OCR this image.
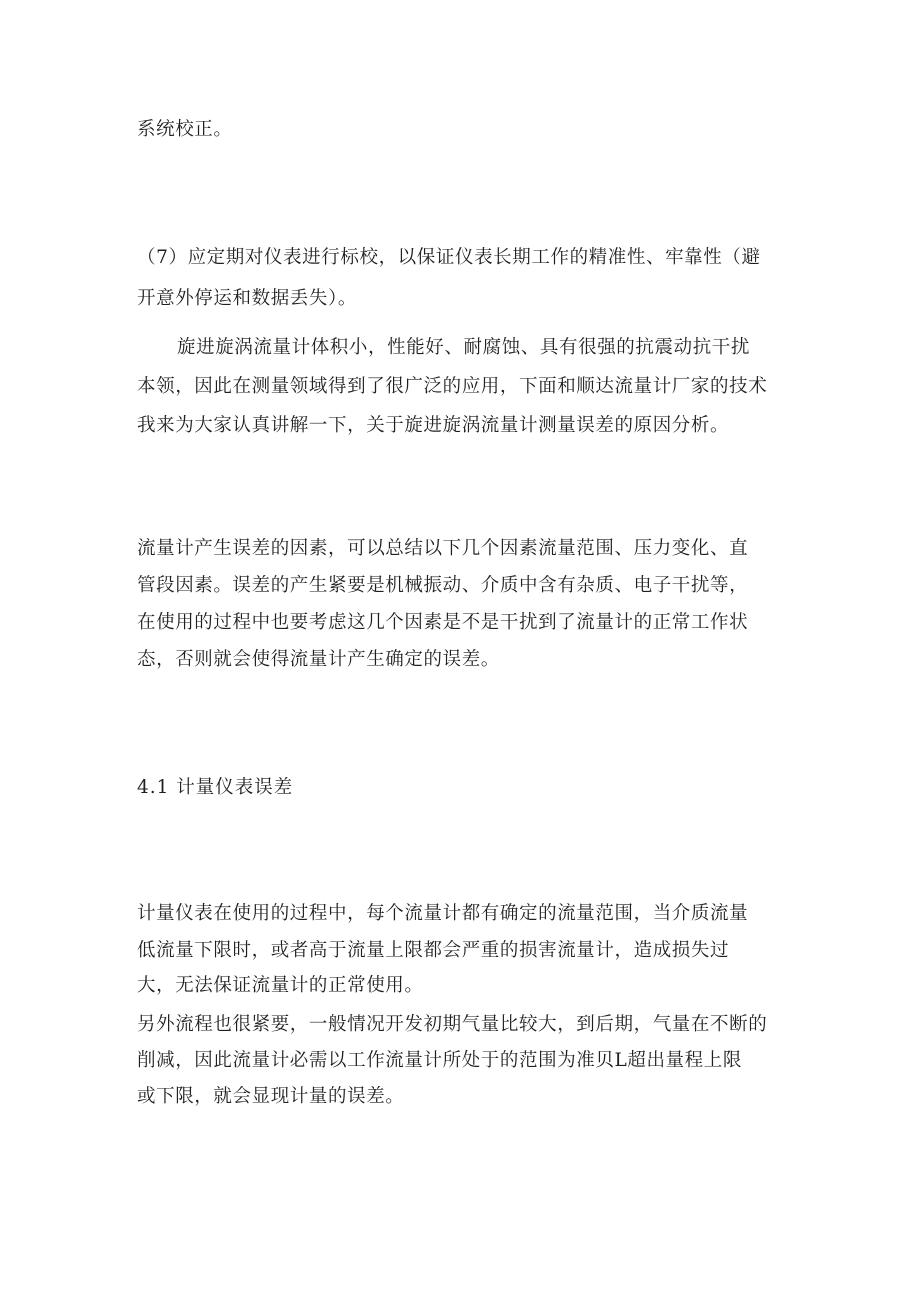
系统校正。
（7）应定期对仪表进行标校，以保证仪表长期工作的精准性、牢靠性（避
开意外停运和数据丢失）。
旋进旋涡流量计体积小，性能好、耐腐蚀、具有很强的抗震动抗干扰
本领，因此在测量领域得到了很广泛的应用，下面和顺达流量计厂家的技术
我来为大家认真讲解一下，关于旋进旋涡流量计测量误差的原因分析。
流量计产生误差的因素，可以总结以下几个因素流量范围、压力变化、直
管段因素。误差的产生紧要是机械振动、介质中含有杂质、电子干扰等，
在使用的过程中也要考虑这几个因素是不是干扰到了流量计的正常工作状
态，否则就会使得流量计产生确定的误差。
4.1 计量仪表误差
计量仪表在使用的过程中，每个流量计都有确定的流量范围，当介质流量
低流量下限时，或者高于流量上限都会严重的损害流量计，造成损失过
大，无法保证流量计的正常使用。
另外流程也很紧要，一般情况开发初期气量比较大，到后期，气量在不断的
削减，因此流量计必需以工作流量计所处于的范围为准贝L超出量程上限
或下限，就会显现计量的误差。
